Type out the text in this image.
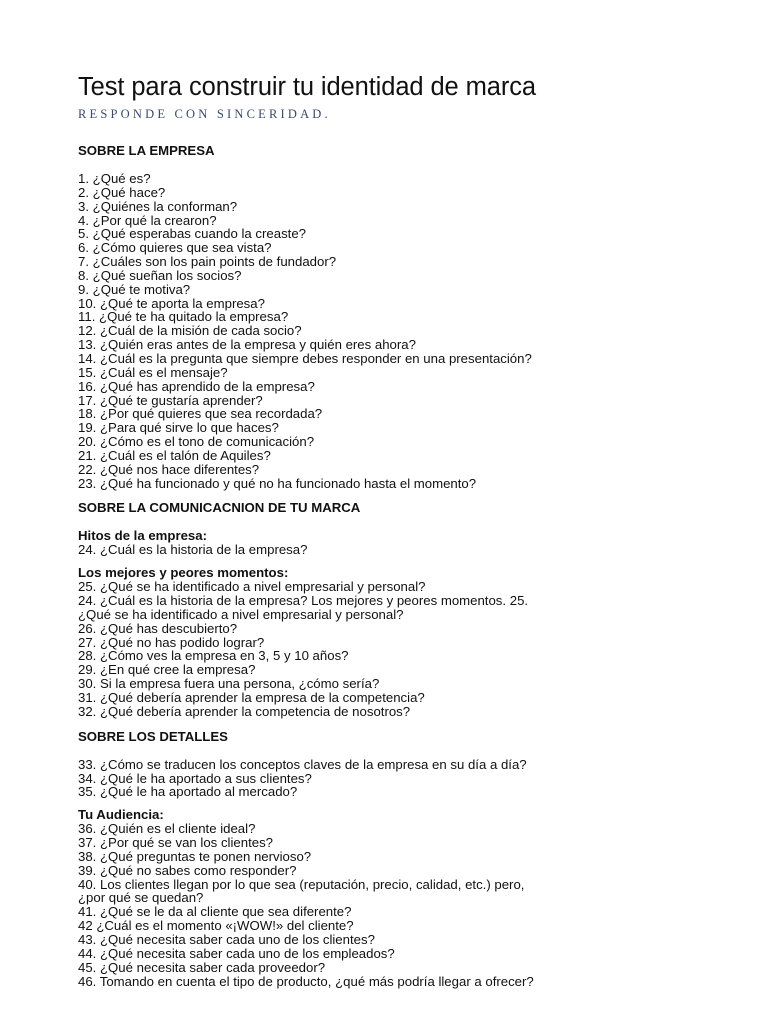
Test para construir tu identidad de marca
RESPONDE CON SINCERIDAD.
SOBRE LA EMPRESA
1. ¿Qué es?
2. ¿Qué hace?
3. ¿Quiénes la conforman?
4. ¿Por qué la crearon?
5. ¿Qué esperabas cuando la creaste?
6. ¿Cómo quieres que sea vista?
7. ¿Cuáles son los pain points de fundador?
8. ¿Qué sueñan los socios?
9. ¿Qué te motiva?
10. ¿Qué te aporta la empresa?
11. ¿Qué te ha quitado la empresa?
12. ¿Cuál de la misión de cada socio?
13. ¿Quién eras antes de la empresa y quién eres ahora?
14. ¿Cuál es la pregunta que siempre debes responder en una presentación?
15. ¿Cuál es el mensaje?
16. ¿Qué has aprendido de la empresa?
17. ¿Qué te gustaría aprender?
18. ¿Por qué quieres que sea recordada?
19. ¿Para qué sirve lo que haces?
20. ¿Cómo es el tono de comunicación?
21. ¿Cuál es el talón de Aquiles?
22. ¿Qué nos hace diferentes?
23. ¿Qué ha funcionado y qué no ha funcionado hasta el momento?
SOBRE LA COMUNICACNION DE TU MARCA
Hitos de la empresa:
24. ¿Cuál es la historia de la empresa?
Los mejores y peores momentos:
25. ¿Qué se ha identificado a nivel empresarial y personal?
24. ¿Cuál es la historia de la empresa? Los mejores y peores momentos. 25.
¿Qué se ha identificado a nivel empresarial y personal?
26. ¿Qué has descubierto?
27. ¿Qué no has podido lograr?
28. ¿Cómo ves la empresa en 3, 5 y 10 años?
29. ¿En qué cree la empresa?
30. Si la empresa fuera una persona, ¿cómo sería?
31. ¿Qué debería aprender la empresa de la competencia?
32. ¿Qué debería aprender la competencia de nosotros?
SOBRE LOS DETALLES
33. ¿Cómo se traducen los conceptos claves de la empresa en su día a día?
34. ¿Qué le ha aportado a sus clientes?
35. ¿Qué le ha aportado al mercado?
Tu Audiencia:
36. ¿Quién es el cliente ideal?
37. ¿Por qué se van los clientes?
38. ¿Qué preguntas te ponen nervioso?
39. ¿Qué no sabes como responder?
40. Los clientes llegan por lo que sea (reputación, precio, calidad, etc.) pero,
¿por qué se quedan?
41. ¿Qué se le da al cliente que sea diferente?
42 ¿Cuál es el momento «¡WOW!» del cliente?
43. ¿Qué necesita saber cada uno de los clientes?
44. ¿Qué necesita saber cada uno de los empleados?
45. ¿Qué necesita saber cada proveedor?
46. Tomando en cuenta el tipo de producto, ¿qué más podría llegar a ofrecer?
